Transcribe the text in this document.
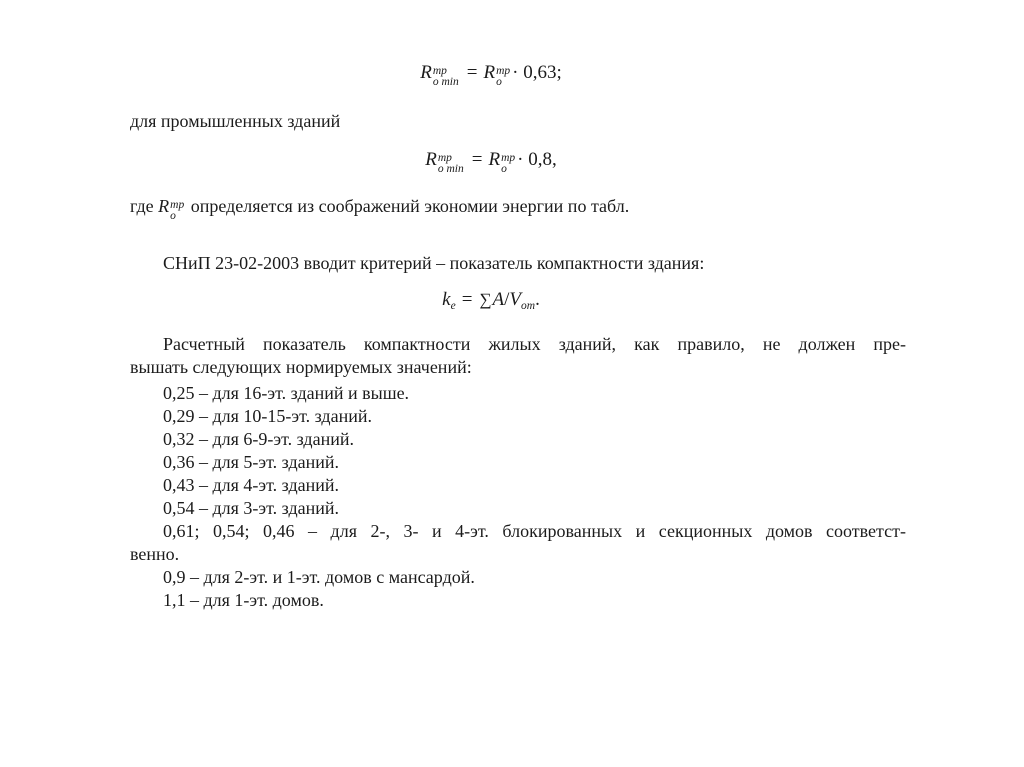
R тр
o min = R тр
o · 0,63;
для промышленных зданий
R тр
o min = R тр
o · 0,8,
где R тр
o определяется из соображений экономии энергии по табл.
СНиП 23-02-2003 вводит критерий – показатель компактности здания:
$k_е = \sum A/V_{от}$.
Расчетный показатель компактности жилых зданий, как правило, не должен пре-
вышать следующих нормируемых значений:
0,25 – для 16-эт. зданий и выше.
0,29 – для 10-15-эт. зданий.
0,32 – для 6-9-эт. зданий.
0,36 – для 5-эт. зданий.
0,43 – для 4-эт. зданий.
0,54 – для 3-эт. зданий.
0,61; 0,54; 0,46 – для 2-, 3- и 4-эт. блокированных и секционных домов соответст-
венно.
0,9 – для 2-эт. и 1-эт. домов с мансардой.
1,1 – для 1-эт. домов.
